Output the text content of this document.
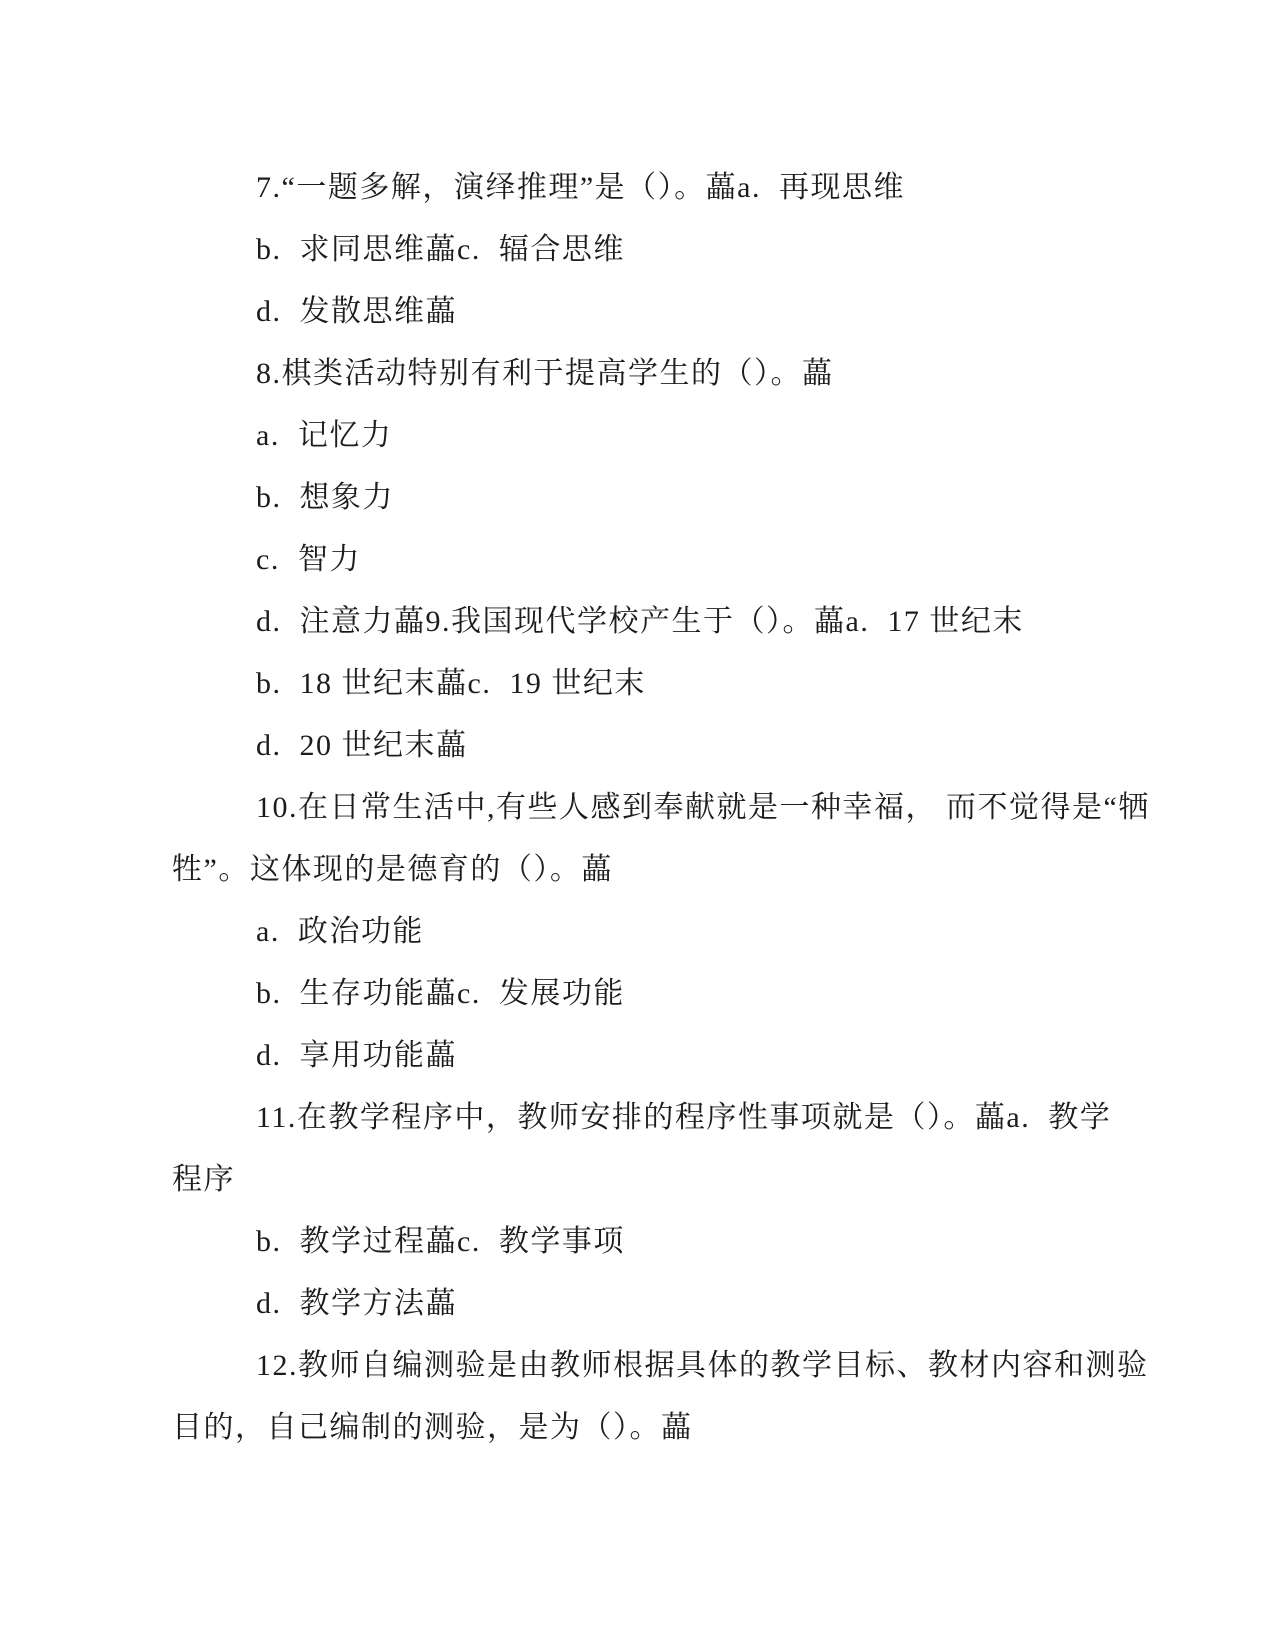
7.“一题多解，演绎推理”是（）。藟a.  再现思维
b.  求同思维藟c.  辐合思维
d.  发散思维藟
8.棋类活动特别有利于提高学生的（）。藟
a.  记忆力
b.  想象力
c.  智力
d.  注意力藟9.我国现代学校产生于（）。藟a.  17 世纪末
b.  18 世纪末藟c.  19 世纪末
d.  20 世纪末藟
10.在日常生活中,有些人感到奉献就是一种幸福， 而不觉得是“牺
牲”。这体现的是德育的（）。藟
a.  政治功能
b.  生存功能藟c.  发展功能
d.  享用功能藟
11.在教学程序中，教师安排的程序性事项就是（）。藟a.  教学
程序
b.  教学过程藟c.  教学事项
d.  教学方法藟
12.教师自编测验是由教师根据具体的教学目标、教材内容和测验
目的，自己编制的测验，是为（）。藟
